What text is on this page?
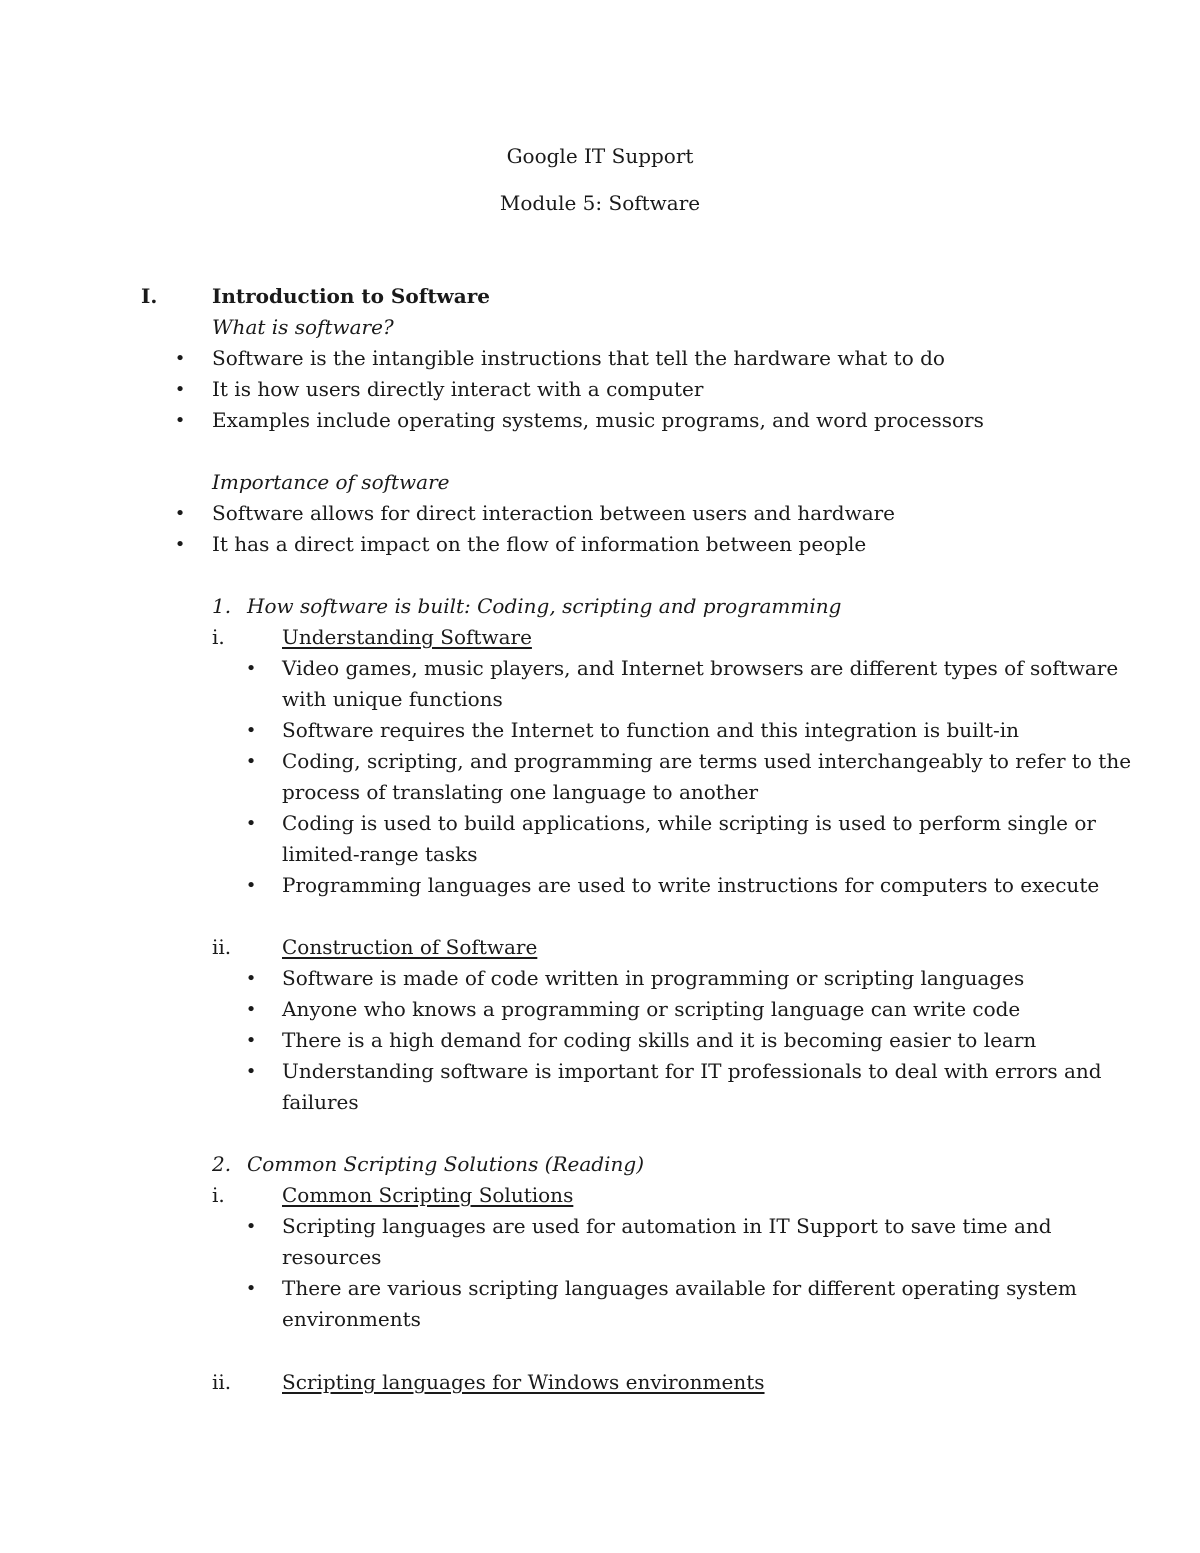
Google IT Support
Module 5: Software
I.	Introduction to Software
What is software?
• Software is the intangible instructions that tell the hardware what to do
• It is how users directly interact with a computer
• Examples include operating systems, music programs, and word processors
Importance of software
• Software allows for direct interaction between users and hardware
• It has a direct impact on the flow of information between people
1. How software is built: Coding, scripting and programming
i.	Understanding Software
• Video games, music players, and Internet browsers are different types of software
with unique functions
• Software requires the Internet to function and this integration is built-in
• Coding, scripting, and programming are terms used interchangeably to refer to the
process of translating one language to another
• Coding is used to build applications, while scripting is used to perform single or
limited-range tasks
• Programming languages are used to write instructions for computers to execute
ii.	Construction of Software
• Software is made of code written in programming or scripting languages
• Anyone who knows a programming or scripting language can write code
• There is a high demand for coding skills and it is becoming easier to learn
• Understanding software is important for IT professionals to deal with errors and
failures
2. Common Scripting Solutions (Reading)
i.	Common Scripting Solutions
• Scripting languages are used for automation in IT Support to save time and
resources
• There are various scripting languages available for different operating system
environments
ii.	Scripting languages for Windows environments
